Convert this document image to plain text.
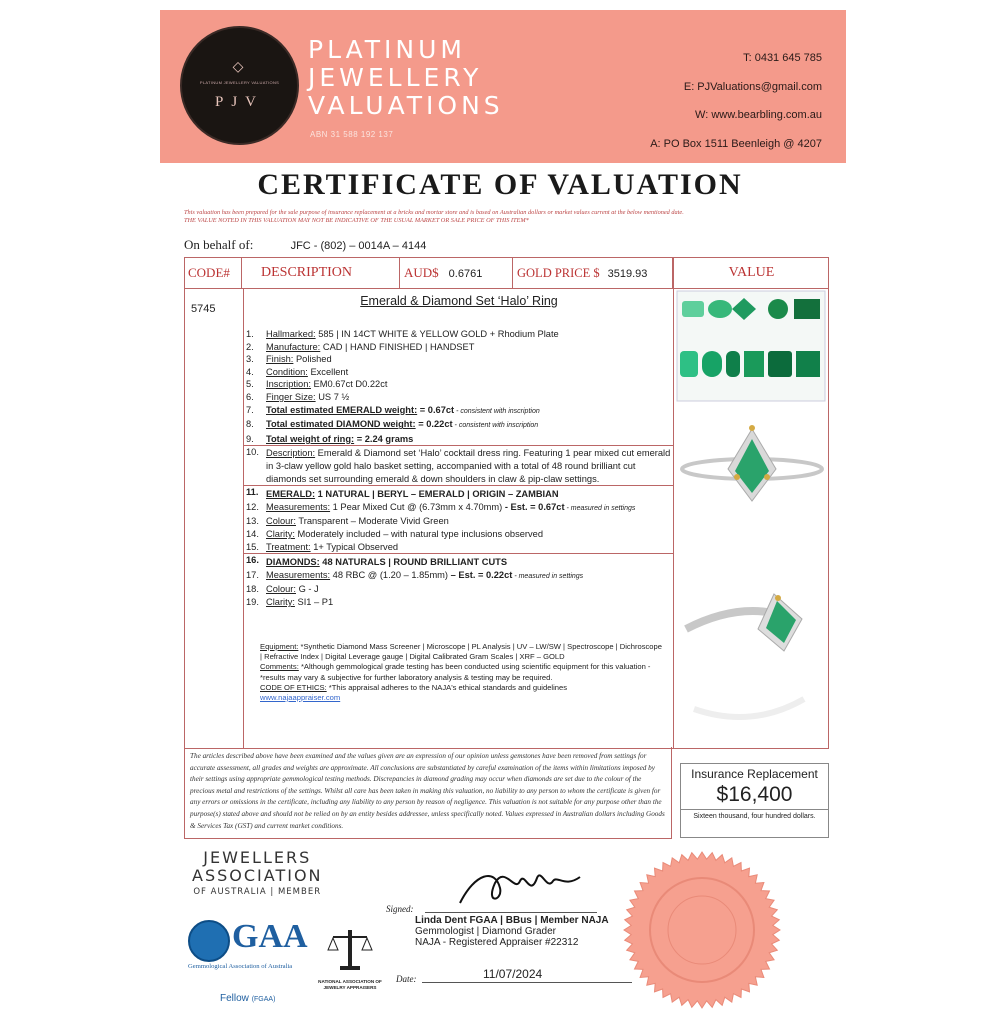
◇
PLATINUM JEWELLERY VALUATIONS
PJV
PLATINUM
JEWELLERY
VALUATIONS
ABN 31 588 192 137
T: 0431 645 785
E: PJValuations@gmail.com
W: www.bearbling.com.au
A: PO Box 1511 Beenleigh @ 4207
CERTIFICATE OF VALUATION
This valuation has been prepared for the sale purpose of insurance replacement at a bricks and mortar store and is based on Australian dollars or market values current at the below mentioned date.
THE VALUE NOTED IN THIS VALUATION MAY NOT BE INDICATIVE OF THE USUAL MARKET OR SALE PRICE OF THIS ITEM*
On behalf of:	JFC - (802) – 0014A – 4144
CODE#	DESCRIPTION	AUD$ 0.6761	GOLD PRICE $ 3519.93
5745
Emerald & Diamond Set ‘Halo’ Ring
1. Hallmarked: 585 | IN 14CT WHITE & YELLOW GOLD + Rhodium Plate
2. Manufacture: CAD | HAND FINISHED | HANDSET
3. Finish: Polished
4. Condition: Excellent
5. Inscription: EM0.67ct D0.22ct
6. Finger Size: US 7 ½
7. Total estimated EMERALD weight: = 0.67ct - consistent with inscription
8. Total estimated DIAMOND weight: = 0.22ct - consistent with inscription
9. Total weight of ring: = 2.24 grams
10. Description: Emerald & Diamond set ‘Halo’ cocktail dress ring. Featuring 1 pear mixed cut emerald in 3-claw yellow gold halo basket setting, accompanied with a total of 48 round brilliant cut diamonds set surrounding emerald & down shoulders in claw & pip-claw settings.
11. EMERALD: 1 NATURAL | BERYL – EMERALD | ORIGIN – ZAMBIAN
12. Measurements: 1 Pear Mixed Cut @ (6.73mm x 4.70mm) - Est. = 0.67ct - measured in settings
13. Colour: Transparent – Moderate Vivid Green
14. Clarity: Moderately included – with natural type inclusions observed
15. Treatment: 1+ Typical Observed
16. DIAMONDS: 48 NATURALS | ROUND BRILLIANT CUTS
17. Measurements: 48 RBC @ (1.20 – 1.85mm) – Est. = 0.22ct - measured in settings
18. Colour: G - J
19. Clarity: SI1 – P1
Equipment: *Synthetic Diamond Mass Screener | Microscope | PL Analysis | UV – LW/SW | Spectroscope | Dichroscope | Refractive Index | Digital Leverage gauge | Digital Calibrated Gram Scales | XRF – GOLD
Comments: *Although gemmological grade testing has been conducted using scientific equipment for this valuation - *results may vary & subjective for further laboratory analysis & testing may be required.
CODE OF ETHICS: *This appraisal adheres to the NAJA's ethical standards and guidelines
www.najaappraiser.com
VALUE
The articles described above have been examined and the values given are an expression of our opinion unless gemstones have been removed from settings for accurate assessment, all grades and weights are approximate. All conclusions are substantiated by careful examination of the items within limitations imposed by their settings using appropriate gemmological testing methods. Discrepancies in diamond grading may occur when diamonds are set due to the colour of the precious metal and restrictions of the settings. Whilst all care has been taken in making this valuation, no liability to any person to whom the certificate is given for any errors or omissions in the certificate, including any liability to any person by reason of negligence. This valuation is not suitable for any purpose other than the purpose(s) stated above and should not be relied on by an entity besides addressee, unless specifically noted. Values expressed in Australian dollars including Goods & Services Tax (GST) and current market conditions.
Insurance Replacement
$16,400
Sixteen thousand, four hundred dollars.
JEWELLERS
ASSOCIATION
OF AUSTRALIA | MEMBER
GAA
Gemmological Association of Australia
Fellow (FGAA)
NATIONAL ASSOCIATION OF JEWELRY APPRAISERS
Signed:
Linda Dent FGAA | BBus | Member NAJA
Gemmologist | Diamond Grader
NAJA - Registered Appraiser #22312
Date:	11/07/2024
